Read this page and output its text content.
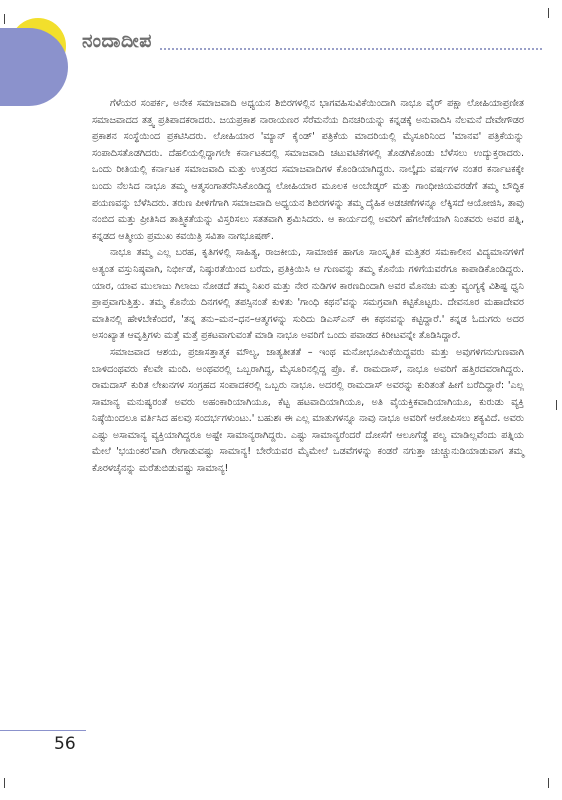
ನಂದಾದೀಪ

ಗೆಳೆಯರ ಸಂಪರ್ಕ, ಅನೇಕ ಸಮಾಜವಾದಿ ಅಧ್ಯಯನ ಶಿಬಿರಗಳಲ್ಲಿನ ಭಾಗವಹಿಸುವಿಕೆಯಿಂದಾಗಿ ನಾಭೂ ವೈರ್ ಪಕ್ಷಾ ಲೋಹಿಯಾಪ್ರಣೀತ ಸಮಾಜವಾದದ ತತ್ತ್ವ ಪ್ರತಿಪಾದಕರಾದರು. ಜಯಪ್ರಕಾಶ ನಾರಾಯಣರ ಸೆರೆಮನೆಯ ದಿನಚರಿಯನ್ನು ಕನ್ನಡಕ್ಕೆ ಅನುವಾದಿಸಿ ನೆಲಮನೆ ದೇವೇಗೌಡರ ಪ್ರಕಾಶನ ಸಂಸ್ಥೆಯಿಂದ ಪ್ರಕಟಿಸಿದರು. ಲೋಹಿಯಾರ 'ಮ್ಯಾನ್ ಕೈಂಡ್' ಪತ್ರಿಕೆಯ ಮಾದರಿಯಲ್ಲಿ ಮೈಸೂರಿನಿಂದ 'ಮಾನವ' ಪತ್ರಿಕೆಯನ್ನು ಸಂಪಾದಿಸತೊಡಗಿದರು. ದೆಹಲಿಯಲ್ಲಿದ್ದಾಗಲೇ ಕರ್ನಾಟಕದಲ್ಲಿ ಸಮಾಜವಾದಿ ಚಟುವಟಿಕೆಗಳಲ್ಲಿ ತೊಡಗಿಕೊಂಡು ಬೆಳೆಸಲು ಉದ್ಯುಕ್ತರಾದರು. ಒಂದು ರೀತಿಯಲ್ಲಿ ಕರ್ನಾಟಕ ಸಮಾಜವಾದಿ ಮತ್ತು ಉತ್ತರದ ಸಮಾಜವಾದಿಗಳ ಕೊಂಡಿಯಾಗಿದ್ದರು. ನಾಲ್ಕೈದು ವರ್ಷಗಳ ನಂತರ ಕರ್ನಾಟಕಕ್ಕೇ ಬಂದು ನೆಲಸಿದ ನಾಭೂ ತಮ್ಮ ಆತ್ಮಸಂಗಾತರೆನಿಸಿಕೊಂಡಿದ್ದ ಲೋಹಿಯಾರ ಮೂಲಕ ಅಂಬೇಡ್ಕರ್ ಮತ್ತು ಗಾಂಧೀಜಿಯವರಡೆಗೆ ತಮ್ಮ ಬೌದ್ಧಿಕ ಪಯಣವನ್ನು ಬೆಳೆಸಿದರು. ತರುಣ ಪೀಳಿಗೆಗಾಗಿ ಸಮಾಜವಾದಿ ಅಧ್ಯಯನ ಶಿಬಿರಗಳನ್ನು ತಮ್ಮ ದೈಹಿಕ ಅಡಚಣೆಗಳನ್ನೂ ಲೆಕ್ಕಿಸದೆ ಆಯೋಜಿಸಿ, ತಾವು ನಂಬಿದ ಮತ್ತು ಪ್ರೀತಿಸಿದ ತಾತ್ತ್ವಿಕತೆಯನ್ನು ವಿಸ್ತರಿಸಲು ಸತತವಾಗಿ ಶ್ರಮಿಸಿದರು. ಆ ಕಾರ್ಯದಲ್ಲಿ ಅವರಿಗೆ ಹೆಗಲೆಣೆಯಾಗಿ ನಿಂತವರು ಅವರ ಪತ್ನಿ, ಕನ್ನಡದ ಆತ್ಮೀಯ ಪ್ರಮುಖ ಕವಯಿತ್ರಿ ಸವಿತಾ ನಾಗಭೂಷಣ್.

ನಾಭೂ ತಮ್ಮ ಎಲ್ಲ ಬರಹ, ಕೃತಿಗಳಲ್ಲಿ ಸಾಹಿತ್ಯ, ರಾಜಕೀಯ, ಸಾಮಾಜಿಕ ಹಾಗೂ ಸಾಂಸ್ಕೃತಿಕ ಮತ್ತಿತರ ಸಮಕಾಲೀನ ವಿದ್ಯಮಾನಗಳಿಗೆ ಅತ್ಯಂತ ವಸ್ತುನಿಷ್ಠವಾಗಿ, ನಿರ್ಭೀಡೆ, ನಿಷ್ಠುರತೆಯಿಂದ ಬರೆದು, ಪ್ರತಿಕ್ರಿಯಿಸಿ ಆ ಗುಣವನ್ನು ತಮ್ಮ ಕೊನೆಯ ಗಳಿಗೆಯವರೆಗೂ ಕಾಪಾಡಿಕೊಂಡಿದ್ದರು. ಯಾರ, ಯಾವ ಮುಲಾಜು ಗಿಲಾಜು ನೋಡದೆ ತಮ್ಮ ನಿಖರ ಮತ್ತು ನೇರ ನುಡಿಗಳ ಕಾರಣದಿಂದಾಗಿ ಅವರ ಮೊನಚು ಮತ್ತು ವ್ಯಂಗ್ಯಕ್ಕೆ ವಿಶಿಷ್ಟ ಧ್ವನಿ ಪ್ರಾಪ್ತವಾಗುತ್ತಿತ್ತು. ತಮ್ಮ ಕೊನೆಯ ದಿನಗಳಲ್ಲಿ ತಪಸ್ಸಿನಂತೆ ಕುಳಿತು 'ಗಾಂಧಿ ಕಥನ'ವನ್ನು ಸಮಗ್ರವಾಗಿ ಕಟ್ಟಿಕೊಟ್ಟರು. ದೇವನೂರ ಮಹಾದೇವರ ಮಾತಿನಲ್ಲಿ ಹೇಳಬೇಕೆಂದರೆ, 'ತನ್ನ ತನು–ಮನ–ಧನ–ಆತ್ಮಗಳನ್ನು ಸುರಿದು ಡಿಎಸ್ಎನ್ ಈ ಕಥನವನ್ನು ಕಟ್ಟಿದ್ದಾರೆ.' ಕನ್ನಡ ಓದುಗರು ಅದರ ಅಸಂಖ್ಯಾತ ಆವೃತ್ತಿಗಳು ಮತ್ತೆ ಮತ್ತೆ ಪ್ರಕಟವಾಗುವಂತೆ ಮಾಡಿ ನಾಭೂ ಅವರಿಗೆ ಒಂದು ಪವಾಡದ ಕಿರೀಟವನ್ನೇ ತೊಡಿಸಿದ್ದಾರೆ.

ಸಮಾಜವಾದ ಆಶಯ, ಪ್ರಜಾಸತ್ತಾತ್ಮಕ ಮೌಲ್ಯ, ಜಾತ್ಯತೀತತೆ – ಇಂಥ ಮನೋಭೂಮಿಕೆಯಿದ್ದವರು ಮತ್ತು ಅವುಗಳಿಗನುಗುಣವಾಗಿ ಬಾಳಿದಂಥವರು ಕೆಲವೇ ಮಂದಿ. ಅಂಥವರಲ್ಲಿ ಒಬ್ಬರಾಗಿದ್ದ, ಮೈಸೂರಿನಲ್ಲಿದ್ದ ಪ್ರೊ. ಕೆ. ರಾಮದಾಸ್, ನಾಭೂ ಅವರಿಗೆ ಹತ್ತಿರದವರಾಗಿದ್ದರು. ರಾಮದಾಸ್ ಕುರಿತ ಲೇಖನಗಳ ಸಂಗ್ರಹದ ಸಂಪಾದಕರಲ್ಲಿ ಒಬ್ಬರು ನಾಭೂ. ಅದರಲ್ಲಿ ರಾಮದಾಸ್ ಅವರನ್ನು ಕುರಿತಂತೆ ಹೀಗೆ ಬರೆದಿದ್ದಾರೆ: 'ಎಲ್ಲ ಸಾಮಾನ್ಯ ಮನುಷ್ಯರಂತೆ ಅವರು ಅಹಂಕಾರಿಯಾಗಿಯೂ, ಕೆಟ್ಟ ಹಟವಾದಿಯಾಗಿಯೂ, ಅತಿ ವೈಯಕ್ತಿಕವಾದಿಯಾಗಿಯೂ, ಕುರುಡು ವ್ಯಕ್ತಿ ನಿಷ್ಠೆಯಿಂದಲೂ ವರ್ತಿಸಿದ ಹಲವು ಸಂದರ್ಭಗಳುಂಟು.' ಬಹುಶಃ ಈ ಎಲ್ಲ ಮಾತುಗಳನ್ನೂ ನಾವು ನಾಭೂ ಅವರಿಗೆ ಆರೋಪಿಸಲು ಶಕ್ಯವಿದೆ. ಅವರು ಎಷ್ಟು ಅಸಾಮಾನ್ಯ ವ್ಯಕ್ತಿಯಾಗಿದ್ದರೂ ಅಷ್ಟೇ ಸಾಮಾನ್ಯರಾಗಿದ್ದರು. ಎಷ್ಟು ಸಾಮಾನ್ಯರೆಂದರೆ ದೋಸೆಗೆ ಆಲೂಗೆಡ್ಡೆ ಪಲ್ಯ ಮಾಡಿಲ್ಲವೆಂದು ಪತ್ನಿಯ ಮೇಲೆ 'ಭಯಂಕರ'ವಾಗಿ ರೇಗಾಡುವಷ್ಟು ಸಾಮಾನ್ಯ! ಬೇರೆಯವರ ಮೈಮೇಲೆ ಒಡವೆಗಳನ್ನು ಕಂಡರೆ ನಗುತ್ತಾ ಚುಚ್ಚುನುಡಿಯಾಡುವಾಗ ತಮ್ಮ ಕೊರಳಚೈನನ್ನು ಮರೆತುಬಿಡುವಷ್ಟು ಸಾಮಾನ್ಯ!

56
